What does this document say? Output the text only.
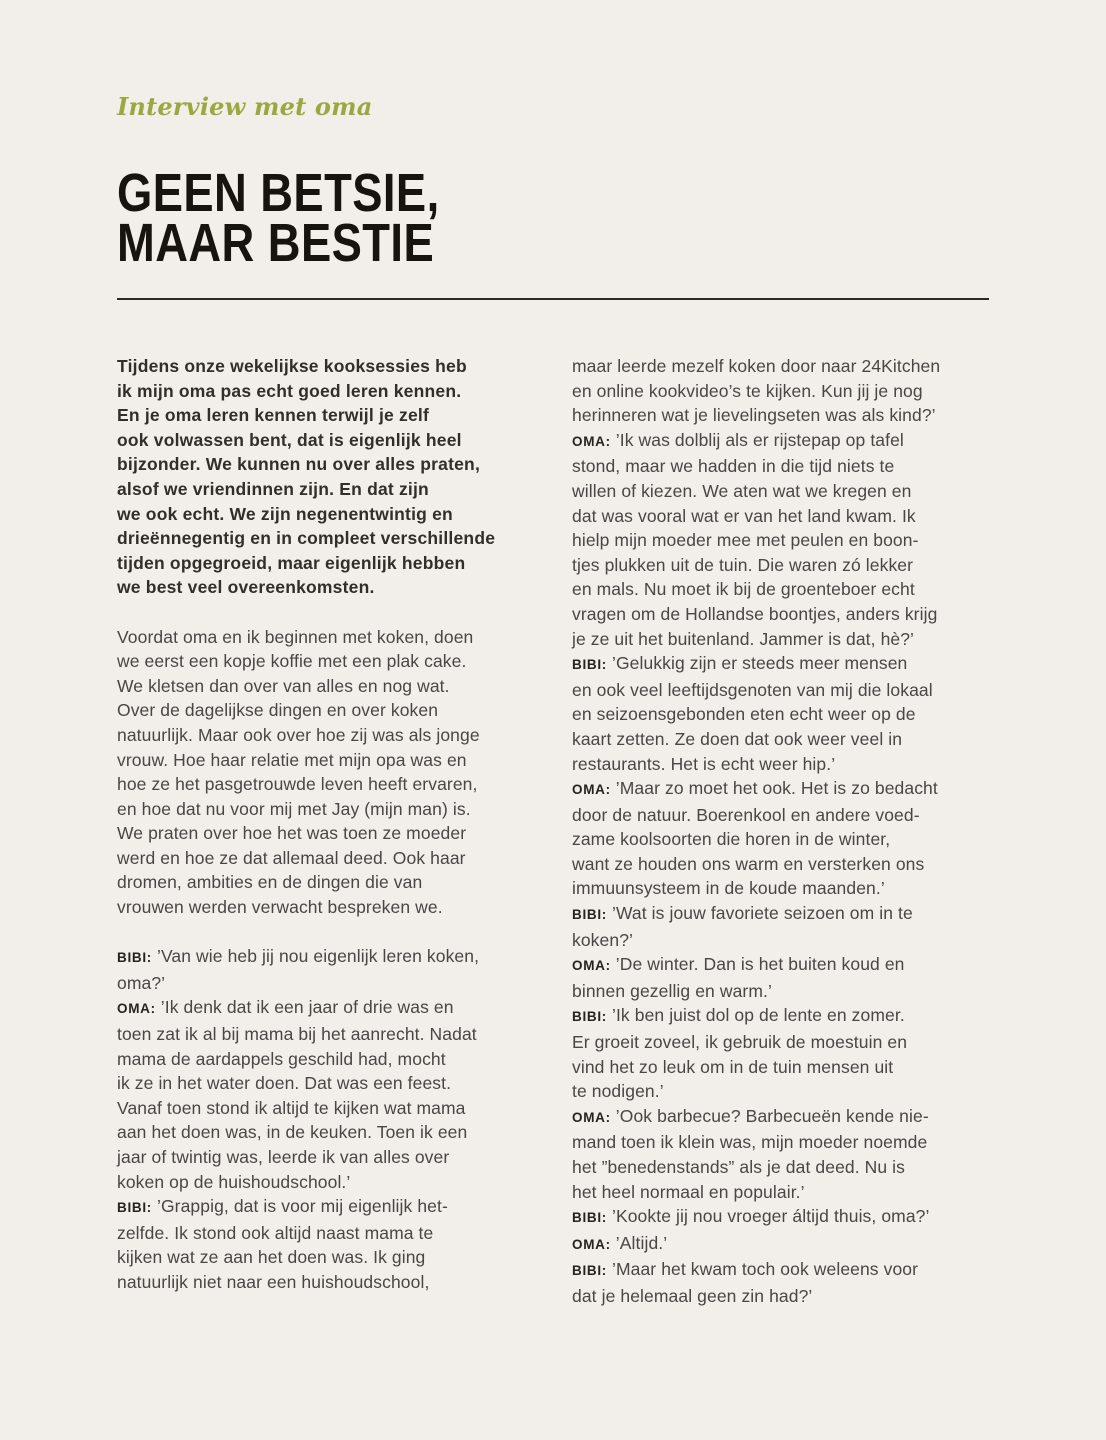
Interview met oma
GEEN BETSIE,
MAAR BESTIE
Tijdens onze wekelijkse kooksessies heb
ik mijn oma pas echt goed leren kennen.
En je oma leren kennen terwijl je zelf
ook volwassen bent, dat is eigenlijk heel
bijzonder. We kunnen nu over alles praten,
alsof we vriendinnen zijn. En dat zijn
we ook echt. We zijn negenentwintig en
drieënnegentig en in compleet verschillende
tijden opgegroeid, maar eigenlijk hebben
we best veel overeenkomsten.
Voordat oma en ik beginnen met koken, doen
we eerst een kopje koffie met een plak cake.
We kletsen dan over van alles en nog wat.
Over de dagelijkse dingen en over koken
natuurlijk. Maar ook over hoe zij was als jonge
vrouw. Hoe haar relatie met mijn opa was en
hoe ze het pasgetrouwde leven heeft ervaren,
en hoe dat nu voor mij met Jay (mijn man) is.
We praten over hoe het was toen ze moeder
werd en hoe ze dat allemaal deed. Ook haar
dromen, ambities en de dingen die van
vrouwen werden verwacht bespreken we.
BIBI: ’Van wie heb jij nou eigenlijk leren koken,
oma?’
OMA: ’Ik denk dat ik een jaar of drie was en
toen zat ik al bij mama bij het aanrecht. Nadat
mama de aardappels geschild had, mocht
ik ze in het water doen. Dat was een feest.
Vanaf toen stond ik altijd te kijken wat mama
aan het doen was, in de keuken. Toen ik een
jaar of twintig was, leerde ik van alles over
koken op de huishoudschool.’
BIBI: ’Grappig, dat is voor mij eigenlijk het-
zelfde. Ik stond ook altijd naast mama te
kijken wat ze aan het doen was. Ik ging
natuurlijk niet naar een huishoudschool,
maar leerde mezelf koken door naar 24Kitchen
en online kookvideo’s te kijken. Kun jij je nog
herinneren wat je lievelingseten was als kind?’
OMA: ’Ik was dolblij als er rijstepap op tafel
stond, maar we hadden in die tijd niets te
willen of kiezen. We aten wat we kregen en
dat was vooral wat er van het land kwam. Ik
hielp mijn moeder mee met peulen en boon-
tjes plukken uit de tuin. Die waren zó lekker
en mals. Nu moet ik bij de groenteboer echt
vragen om de Hollandse boontjes, anders krijg
je ze uit het buitenland. Jammer is dat, hè?’
BIBI: ’Gelukkig zijn er steeds meer mensen
en ook veel leeftijdsgenoten van mij die lokaal
en seizoensgebonden eten echt weer op de
kaart zetten. Ze doen dat ook weer veel in
restaurants. Het is echt weer hip.’
OMA: ’Maar zo moet het ook. Het is zo bedacht
door de natuur. Boerenkool en andere voed-
zame koolsoorten die horen in de winter,
want ze houden ons warm en versterken ons
immuunsysteem in de koude maanden.’
BIBI: ’Wat is jouw favoriete seizoen om in te
koken?’
OMA: ’De winter. Dan is het buiten koud en
binnen gezellig en warm.’
BIBI: ’Ik ben juist dol op de lente en zomer.
Er groeit zoveel, ik gebruik de moestuin en
vind het zo leuk om in de tuin mensen uit
te nodigen.’
OMA: ’Ook barbecue? Barbecueën kende nie-
mand toen ik klein was, mijn moeder noemde
het ”benedenstands” als je dat deed. Nu is
het heel normaal en populair.’
BIBI: ’Kookte jij nou vroeger áltijd thuis, oma?’
OMA: ’Altijd.’
BIBI: ’Maar het kwam toch ook weleens voor
dat je helemaal geen zin had?’
